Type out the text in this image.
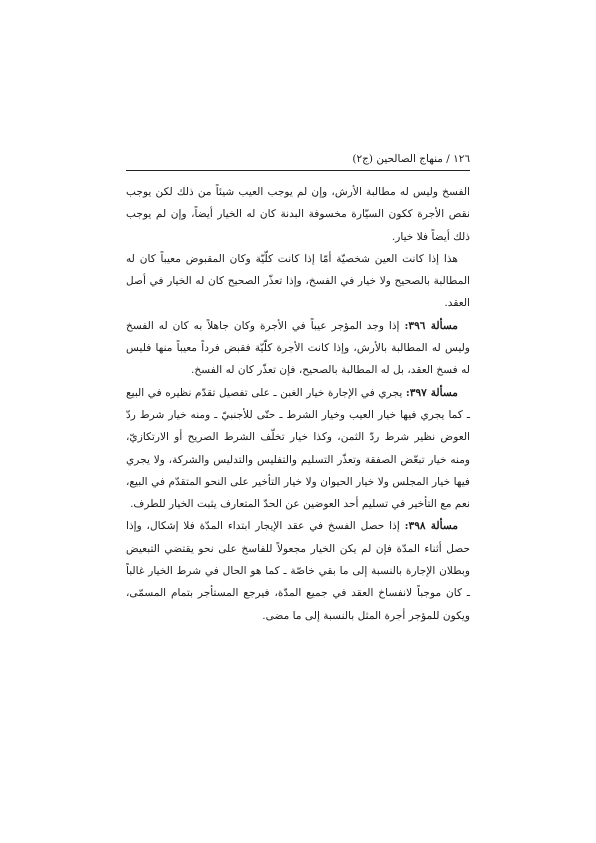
١٢٦ / منهاج الصالحين (ج٢)

الفسخ وليس له مطالبة الأرش، وإن لم يوجب العيب شيئاً من ذلك لكن يوجب نقص الأجرة ككون السيّارة مخسوفة البدنة كان له الخيار أيضاً، وإن لم يوجب ذلك أيضاً فلا خيار.

هذا إذا كانت العين شخصيّة أمّا إذا كانت كلّيّة وكان المقبوض معيباً كان له المطالبة بالصحيح ولا خيار في الفسخ، وإذا تعذّر الصحيح كان له الخيار في أصل العقد.

مسألة ٣٩٦: إذا وجد المؤجر عيباً في الأجرة وكان جاهلاً به كان له الفسخ وليس له المطالبة بالأرش، وإذا كانت الأجرة كلّيّة فقبض فرداً معيباً منها فليس له فسخ العقد، بل له المطالبة بالصحيح، فإن تعذّر كان له الفسخ.

مسألة ٣٩٧: يجري في الإجارة خيار الغبن ـ على تفصيل تقدّم نظيره في البيع ـ كما يجري فيها خيار العيب وخيار الشرط ـ حتّى للأجنبيّ ـ ومنه خيار شرط ردّ العوض نظير شرط ردّ الثمن، وكذا خيار تخلّف الشرط الصريح أو الارتكازيّ، ومنه خيار تبعّض الصفقة وتعذّر التسليم والتفليس والتدليس والشركة، ولا يجري فيها خيار المجلس ولا خيار الحيوان ولا خيار التأخير على النحو المتقدّم في البيع، نعم مع التأخير في تسليم أحد العوضين عن الحدّ المتعارف يثبت الخيار للطرف.

مسألة ٣٩٨: إذا حصل الفسخ في عقد الإيجار ابتداء المدّة فلا إشكال، وإذا حصل أثناء المدّة فإن لم يكن الخيار مجعولاً للفاسخ على نحو يقتضي التبعيض وبطلان الإجارة بالنسبة إلى ما بقي خاصّة ـ كما هو الحال في شرط الخيار غالباً ـ كان موجباً لانفساخ العقد في جميع المدّة، فيرجع المستأجر بتمام المسمّى، ويكون للمؤجر أجرة المثل بالنسبة إلى ما مضى.
